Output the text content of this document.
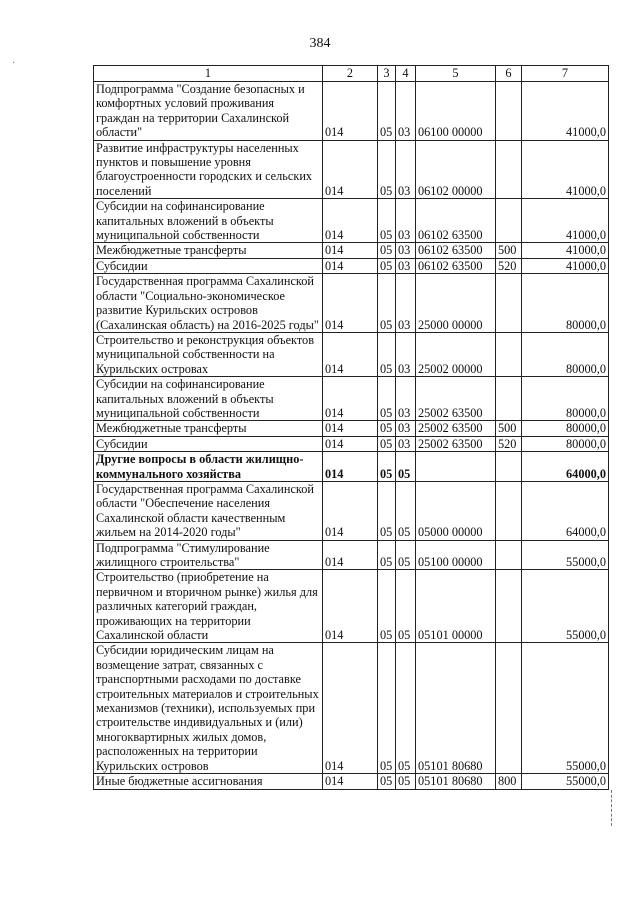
384
·
1	2	3	4	5	6	7
Подпрограмма "Создание безопасных и комфортных условий проживания граждан на территории Сахалинской области"	014	05	03	06100 00000		41000,0
Развитие инфраструктуры населенных пунктов и повышение уровня благоустроенности городских и сельских поселений	014	05	03	06102 00000		41000,0
Субсидии на софинансирование капитальных вложений в объекты муниципальной собственности	014	05	03	06102 63500		41000,0
Межбюджетные трансферты	014	05	03	06102 63500	500	41000,0
Субсидии	014	05	03	06102 63500	520	41000,0
Государственная программа Сахалинской области "Социально-экономическое развитие Курильских островов (Сахалинская область) на 2016-2025 годы"	014	05	03	25000 00000		80000,0
Строительство и реконструкция объектов муниципальной собственности на Курильских островах	014	05	03	25002 00000		80000,0
Субсидии на софинансирование капитальных вложений в объекты муниципальной собственности	014	05	03	25002 63500		80000,0
Межбюджетные трансферты	014	05	03	25002 63500	500	80000,0
Субсидии	014	05	03	25002 63500	520	80000,0
Другие вопросы в области жилищно-коммунального хозяйства	014	05	05			64000,0
Государственная программа Сахалинской области "Обеспечение населения Сахалинской области качественным жильем на 2014-2020 годы"	014	05	05	05000 00000		64000,0
Подпрограмма "Стимулирование жилищного строительства"	014	05	05	05100 00000		55000,0
Строительство (приобретение на первичном и вторичном рынке) жилья для различных категорий граждан, проживающих на территории Сахалинской области	014	05	05	05101 00000		55000,0
Субсидии юридическим лицам на возмещение затрат, связанных с транспортными расходами по доставке строительных материалов и строительных механизмов (техники), используемых при строительстве индивидуальных и (или) многоквартирных жилых домов, расположенных на территории Курильских островов	014	05	05	05101 80680		55000,0
Иные бюджетные ассигнования	014	05	05	05101 80680	800	55000,0
